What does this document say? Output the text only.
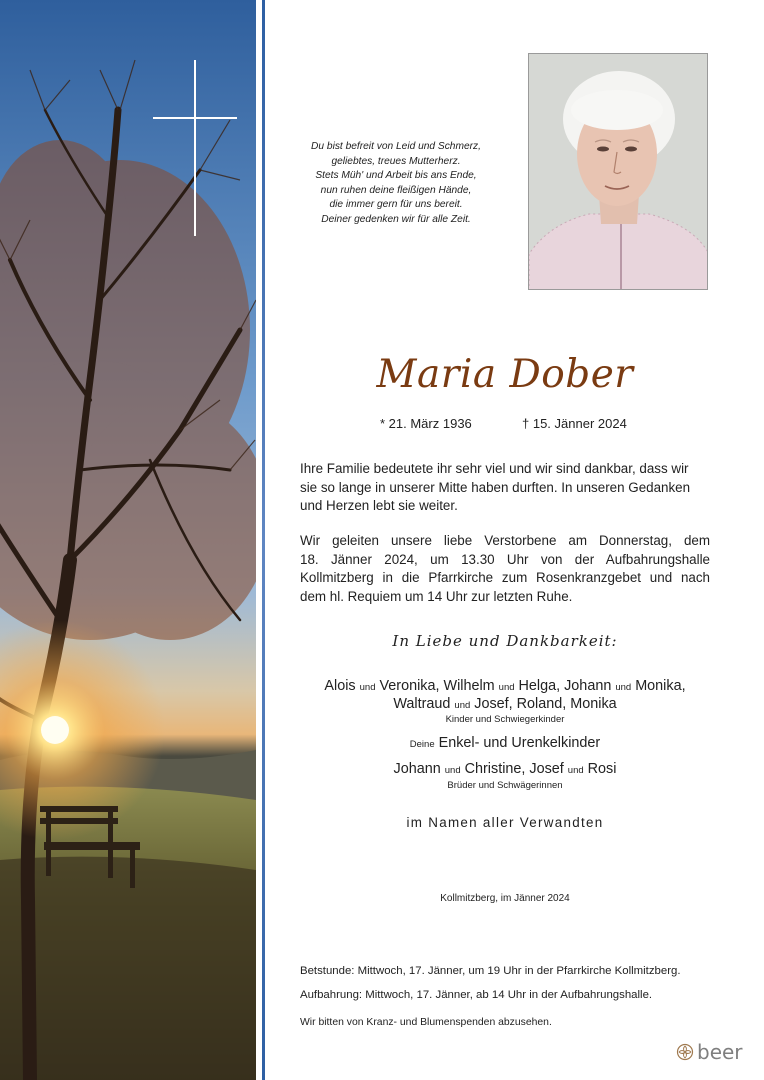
Du bist befreit von Leid und Schmerz,
geliebtes, treues Mutterherz.
Stets Müh' und Arbeit bis ans Ende,
nun ruhen deine fleißigen Hände,
die immer gern für uns bereit.
Deiner gedenken wir für alle Zeit.
Maria Dober
* 21. März 1936	† 15. Jänner 2024
Ihre Familie bedeutete ihr sehr viel und wir sind dankbar, dass wir
sie so lange in unserer Mitte haben durften. In unseren Gedanken
und Herzen lebt sie weiter.
Wir geleiten unsere liebe Verstorbene am Donnerstag, dem
18. Jänner 2024, um 13.30 Uhr von der Aufbahrungshalle
Kollmitzberg in die Pfarrkirche zum Rosenkranzgebet und nach
dem hl. Requiem um 14 Uhr zur letzten Ruhe.
In Liebe und Dankbarkeit:
Alois und Veronika, Wilhelm und Helga, Johann und Monika,
Waltraud und Josef, Roland, Monika
Kinder und Schwiegerkinder
Deine Enkel- und Urenkelkinder
Johann und Christine, Josef und Rosi
Brüder und Schwägerinnen
im Namen aller Verwandten
Kollmitzberg, im Jänner 2024
Betstunde: Mittwoch, 17. Jänner, um 19 Uhr in der Pfarrkirche Kollmitzberg.
Aufbahrung: Mittwoch, 17. Jänner, ab 14 Uhr in der Aufbahrungshalle.
Wir bitten von Kranz- und Blumenspenden abzusehen.
beer
